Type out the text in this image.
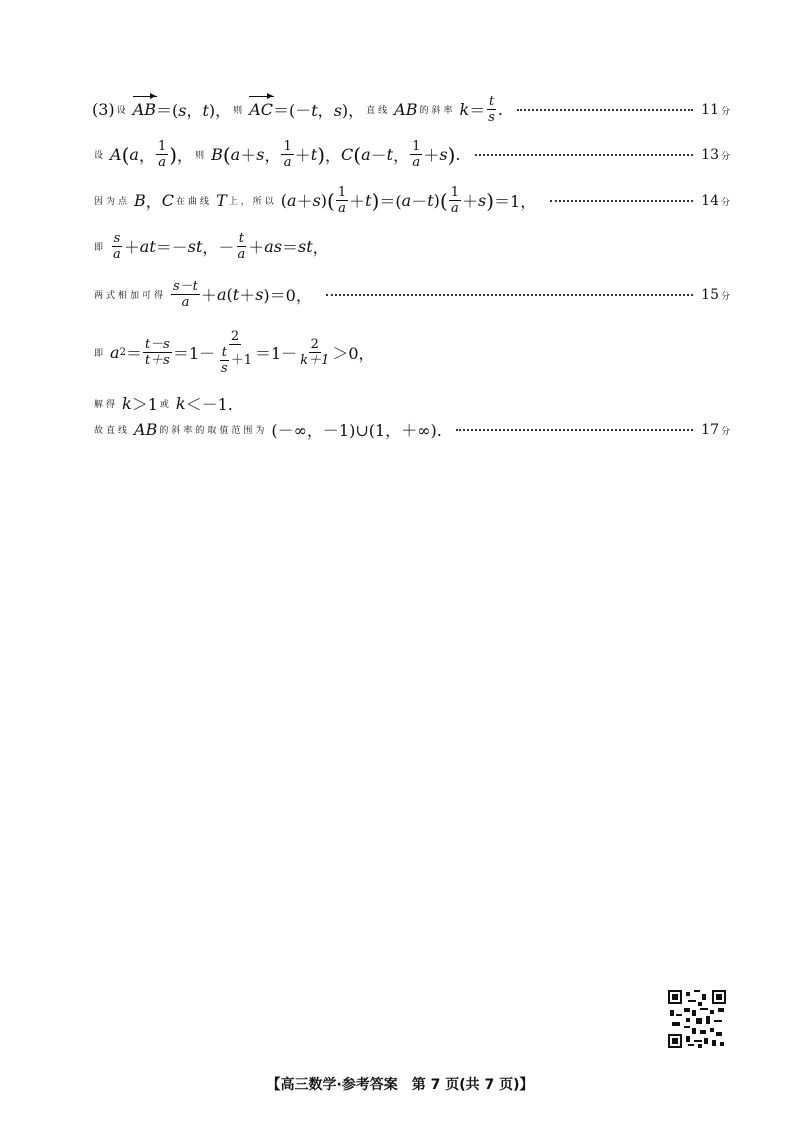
(3) 设 AB ＝(s，t)， 则 AC ＝(－t，s)， 直线 AB 的斜率 $k = \frac{t}{s}$ .	11 分
设 A ( a ， $\frac{1}{a}$ ) ， 则 B ( a ＋ s ， $\frac{1}{a} + t$ ) ， C ( a － t ， $\frac{1}{a} + s$ ) .	13 分
因为点 B ， C 在曲线 T 上，所以 ( a ＋ s ) ( $\frac{1}{a} + t$ ) ＝( a － t ) ( $\frac{1}{a} + s$ ) ＝1，	14 分
即 $\frac{s}{a}$ ＋ at ＝－ st ，－ $\frac{t}{a}$ ＋ as ＝ st ，
两式相加可得 $\frac{s-t}{a} + a$ ( t ＋ s )＝0，	15 分
即 a $2 = \frac{t-s}{t+s} =1- \frac{2}{\frac{t}{s} +1} =1- \frac{2}{k+1} >0$，
解得 k ＞1 或 k ＜－1.
故直线 AB 的斜率的取值范围为 (－∞，－1)∪(1，＋∞).	17 分
【高三数学·参考答案　第 7 页(共 7 页)】
